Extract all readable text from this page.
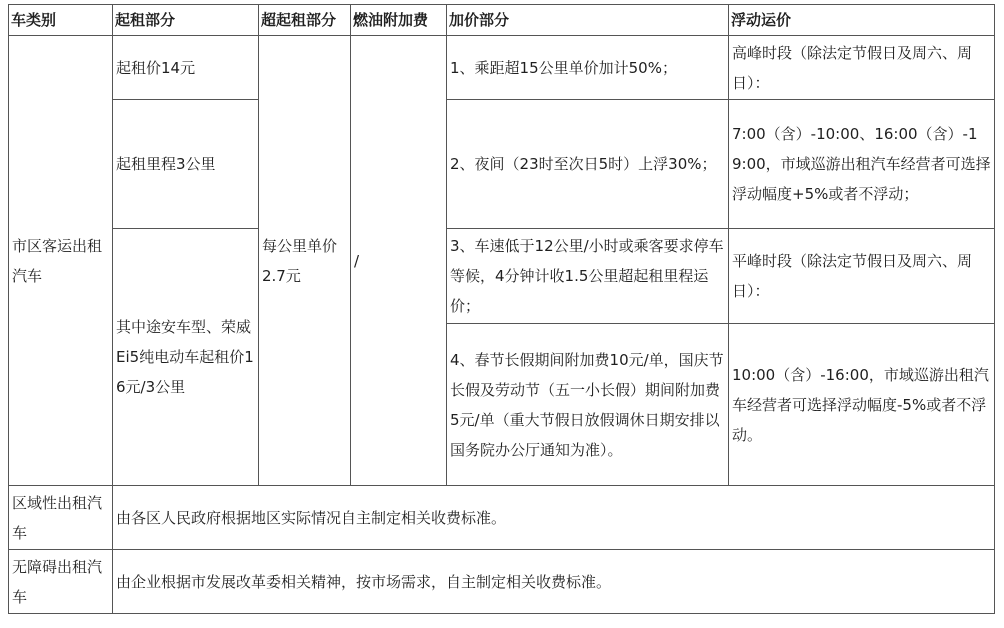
车类别	起租部分	超起租部分	燃油附加费	加价部分	浮动运价
市区客运出租汽车	起租价14元	每公里单价2.7元	/	1、乘距超15公里单价加计50%；	高峰时段（除法定节假日及周六、周日）：
	起租里程3公里			2、夜间（23时至次日5时）上浮30%；	7:00（含）-10:00、16:00（含）-19:00，市域巡游出租汽车经营者可选择浮动幅度+5%或者不浮动；
	其中途安车型、荣威Ei5纯电动车起租价16元/3公里			3、车速低于12公里/小时或乘客要求停车等候，4分钟计收1.5公里超起租里程运价；	平峰时段（除法定节假日及周六、周日）：
				4、春节长假期间附加费10元/单，国庆节长假及劳动节（五一小长假）期间附加费5元/单（重大节假日放假调休日期安排以国务院办公厅通知为准）。	10:00（含）-16:00，市域巡游出租汽车经营者可选择浮动幅度-5%或者不浮动。
区域性出租汽车	由各区人民政府根据地区实际情况自主制定相关收费标准。				
无障碍出租汽车	由企业根据市发展改革委相关精神，按市场需求，自主制定相关收费标准。				
